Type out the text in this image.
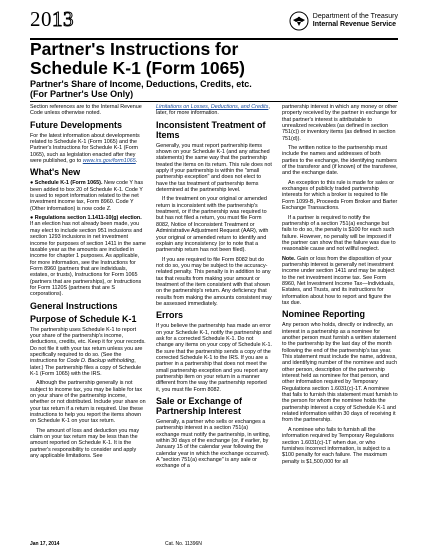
2013	Department of the Treasury
Internal Revenue Service
Partner's Instructions for
Schedule K-1 (Form 1065)
Partner's Share of Income, Deductions, Credits, etc.
(For Partner's Use Only)

Section references are to the Internal Revenue Code unless otherwise noted.

Future Developments

For the latest information about developments related to Schedule K-1 (Form 1065) and the Partner's Instructions for Schedule K-1 (Form 1065), such as legislation enacted after they were published, go to www.irs.gov/form1065.

What's New

● Schedule K-1 (Form 1065). New code Y has been added to box 20 of Schedule K-1. Code Y is used to report information related to the net investment income tax, Form 8960. Code Y (Other information) is now code Z.

● Regulations section 1.1411-10(g) election. If an election has not already been made, you may elect to include section 951 inclusions and section 1293 inclusions in net investment income for purposes of section 1411 in the same taxable year as the amounts are included in income for chapter 1 purposes. As applicable, for more information, see the Instructions for Form 8960 (partners that are individuals, estates, or trusts), Instructions for Form 1065 (partners that are partnerships), or Instructions for Form 1120S (partners that are S corporations).

General Instructions
Purpose of Schedule K-1

The partnership uses Schedule K-1 to report your share of the partnership's income, deductions, credits, etc. Keep it for your records. Do not file it with your tax return unless you are specifically required to do so. (See the instructions for Code D. Backup withholding, later.) The partnership files a copy of Schedule K-1 (Form 1065) with the IRS.

Although the partnership generally is not subject to income tax, you may be liable for tax on your share of the partnership income, whether or not distributed. Include your share on your tax return if a return is required. Use these instructions to help you report the items shown on Schedule K-1 on your tax return.

The amount of loss and deduction you may claim on your tax return may be less than the amount reported on Schedule K-1. It is the partner's responsibility to consider and apply any applicable limitations. See

Limitations on Losses, Deductions, and Credits, later, for more information.

Inconsistent Treatment of Items

Generally, you must report partnership items shown on your Schedule K-1 (and any attached statements) the same way that the partnership treated the items on its return. This rule does not apply if your partnership is within the "small partnership exception" and does not elect to have the tax treatment of partnership items determined at the partnership level.

If the treatment on your original or amended return is inconsistent with the partnership's treatment, or if the partnership was required to but has not filed a return, you must file Form 8082, Notice of Inconsistent Treatment or Administrative Adjustment Request (AAR), with your original or amended return to identify and explain any inconsistency (or to note that a partnership return has not been filed).

If you are required to file Form 8082 but do not do so, you may be subject to the accuracy-related penalty. This penalty is in addition to any tax that results from making your amount or treatment of the item consistent with that shown on the partnership's return. Any deficiency that results from making the amounts consistent may be assessed immediately.

Errors

If you believe the partnership has made an error on your Schedule K-1, notify the partnership and ask for a corrected Schedule K-1. Do not change any items on your copy of Schedule K-1. Be sure that the partnership sends a copy of the corrected Schedule K-1 to the IRS. If you are a partner in a partnership that does not meet the small partnership exception and you report any partnership item on your return in a manner different from the way the partnership reported it, you must file Form 8082.

Sale or Exchange of Partnership Interest

Generally, a partner who sells or exchanges a partnership interest in a section 751(a) exchange must notify the partnership, in writing, within 30 days of the exchange (or, if earlier, by January 15 of the calendar year following the calendar year in which the exchange occurred). A "section 751(a) exchange" is any sale or exchange of a

partnership interest in which any money or other property received by the partner in exchange for that partner's interest is attributable to unrealized receivables (as defined in section 751(c)) or inventory items (as defined in section 751(d)).

The written notice to the partnership must include the names and addresses of both parties to the exchange, the identifying numbers of the transferor and (if known) of the transferee, and the exchange date.

An exception to this rule is made for sales or exchanges of publicly traded partnership interests for which a broker is required to file Form 1099-B, Proceeds From Broker and Barter Exchange Transactions.

If a partner is required to notify the partnership of a section 751(a) exchange but fails to do so, the penalty is $100 for each such failure. However, no penalty will be imposed if the partner can show that the failure was due to reasonable cause and not willful neglect.

Note. Gain or loss from the disposition of your partnership interest is generally net investment income under section 1411 and may be subject to the net investment income tax. See Form 8960, Net Investment Income Tax—Individuals, Estates, and Trusts, and its instructions for information about how to report and figure the tax due.

Nominee Reporting

Any person who holds, directly or indirectly, an interest in a partnership as a nominee for another person must furnish a written statement to the partnership by the last day of the month following the end of the partnership's tax year. This statement must include the name, address, and identifying number of the nominee and such other person, description of the partnership interest held as nominee for that person, and other information required by Temporary Regulations section 1.6031(c)-1T. A nominee that fails to furnish this statement must furnish to the person for whom the nominee holds the partnership interest a copy of Schedule K-1 and related information within 30 days of receiving it from the partnership.

A nominee who fails to furnish all the information required by Temporary Regulations section 1.6031(c)-1T when due, or who furnishes incorrect information, is subject to a $100 penalty for each failure. The maximum penalty is $1,500,000 for all

Jan 17, 2014	Cat. No. 11396N
